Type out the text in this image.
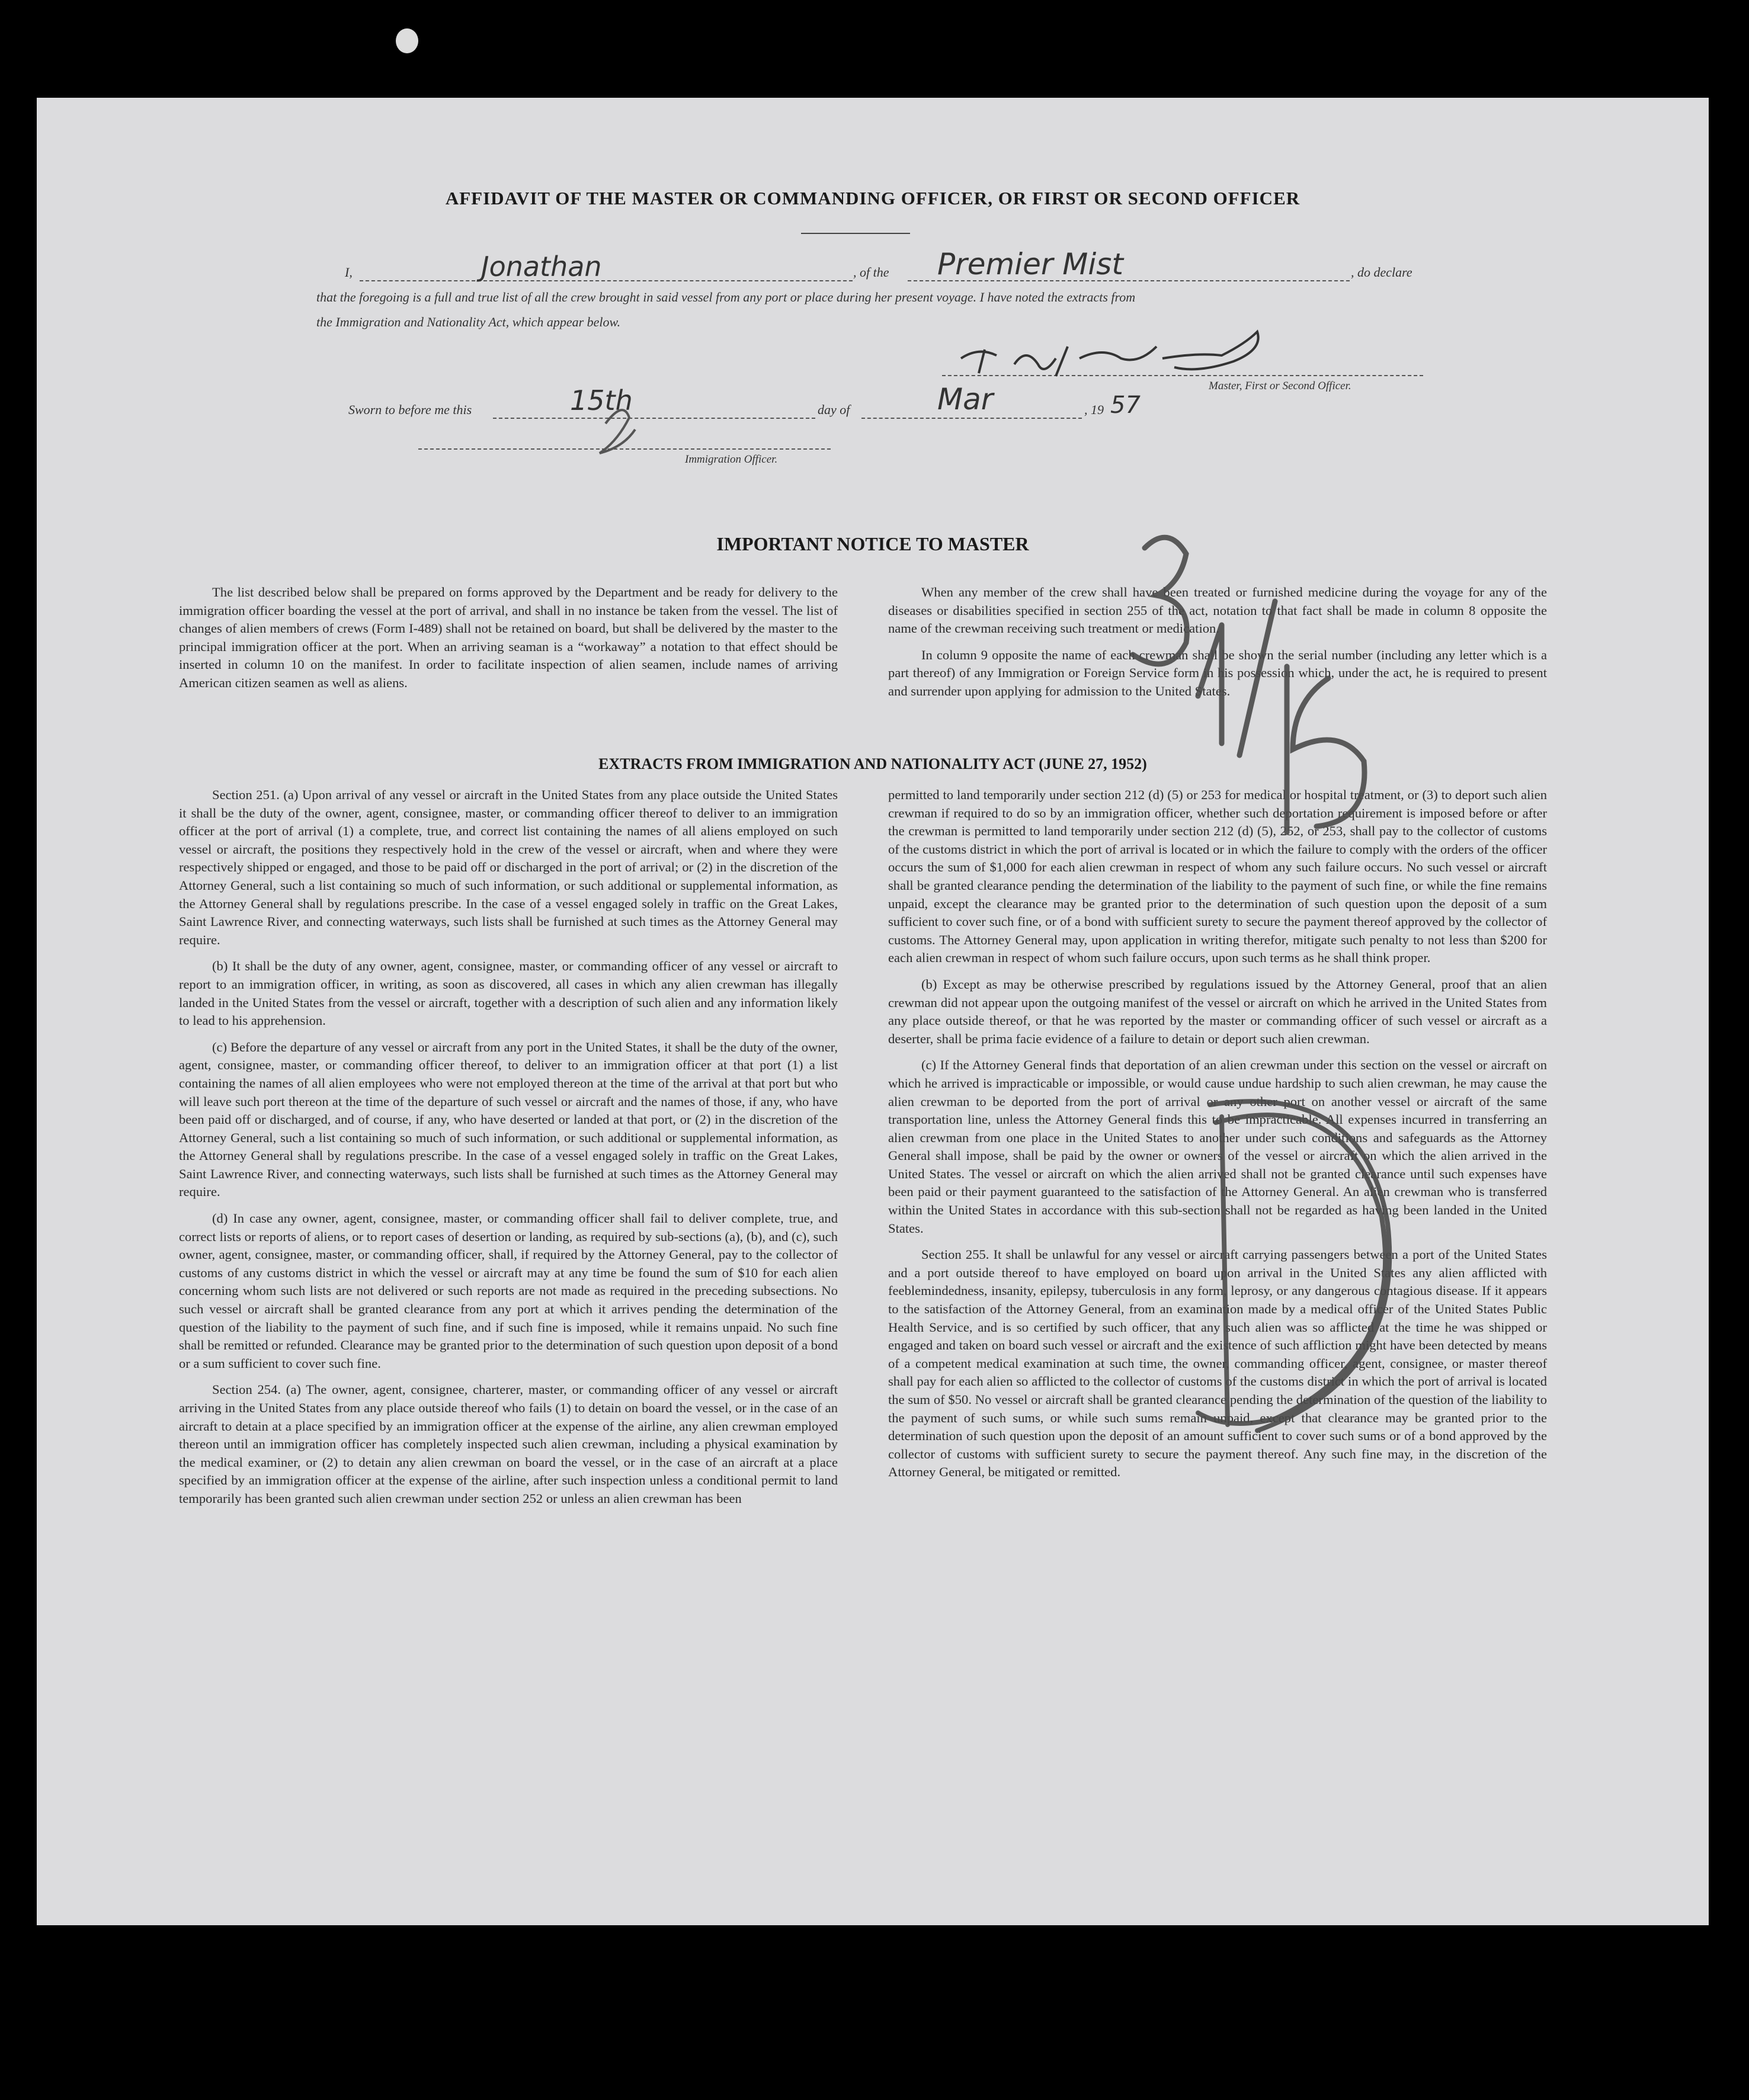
AFFIDAVIT OF THE MASTER OR COMMANDING OFFICER, OR FIRST OR SECOND OFFICER
I,	Jonathan	, of the Premier Mist	, do declare
that the foregoing is a full and true list of all the crew brought in said vessel from any port or place during her present voyage. I have noted the extracts from
the Immigration and Nationality Act, which appear below.
Master, First or Second Officer.
Sworn to before me this	15th	day of	Mar	, 19 57
Immigration Officer.
IMPORTANT NOTICE TO MASTER

The list described below shall be prepared on forms approved by the Department and be ready for delivery to the immigration officer boarding the vessel at the port of arrival, and shall in no instance be taken from the vessel. The list of changes of alien members of crews (Form I-489) shall not be retained on board, but shall be delivered by the master to the principal immigration officer at the port. When an arriving seaman is a “workaway” a notation to that effect should be inserted in column 10 on the manifest. In order to facilitate inspection of alien seamen, include names of arriving American citizen seamen as well as aliens.

When any member of the crew shall have been treated or furnished medicine during the voyage for any of the diseases or disabilities specified in section 255 of the act, notation to that fact shall be made in column 8 opposite the name of the crewman receiving such treatment or medication.

In column 9 opposite the name of each crewman shall be shown the serial number (including any letter which is a part thereof) of any Immigration or Foreign Service form in his possession which, under the act, he is required to present and surrender upon applying for admission to the United States.

EXTRACTS FROM IMMIGRATION AND NATIONALITY ACT (JUNE 27, 1952)

Section 251. (a) Upon arrival of any vessel or aircraft in the United States from any place outside the United States it shall be the duty of the owner, agent, consignee, master, or commanding officer thereof to deliver to an immigration officer at the port of arrival (1) a complete, true, and correct list containing the names of all aliens employed on such vessel or aircraft, the positions they respectively hold in the crew of the vessel or aircraft, when and where they were respectively shipped or engaged, and those to be paid off or discharged in the port of arrival; or (2) in the discretion of the Attorney General, such a list containing so much of such information, or such additional or supplemental information, as the Attorney General shall by regulations prescribe. In the case of a vessel engaged solely in traffic on the Great Lakes, Saint Lawrence River, and connecting waterways, such lists shall be furnished at such times as the Attorney General may require.

(b) It shall be the duty of any owner, agent, consignee, master, or commanding officer of any vessel or aircraft to report to an immigration officer, in writing, as soon as discovered, all cases in which any alien crewman has illegally landed in the United States from the vessel or aircraft, together with a description of such alien and any information likely to lead to his apprehension.

(c) Before the departure of any vessel or aircraft from any port in the United States, it shall be the duty of the owner, agent, consignee, master, or commanding officer thereof, to deliver to an immigration officer at that port (1) a list containing the names of all alien employees who were not employed thereon at the time of the arrival at that port but who will leave such port thereon at the time of the departure of such vessel or aircraft and the names of those, if any, who have been paid off or discharged, and of course, if any, who have deserted or landed at that port, or (2) in the discretion of the Attorney General, such a list containing so much of such information, or such additional or supplemental information, as the Attorney General shall by regulations prescribe. In the case of a vessel engaged solely in traffic on the Great Lakes, Saint Lawrence River, and connecting waterways, such lists shall be furnished at such times as the Attorney General may require.

(d) In case any owner, agent, consignee, master, or commanding officer shall fail to deliver complete, true, and correct lists or reports of aliens, or to report cases of desertion or landing, as required by sub-sections (a), (b), and (c), such owner, agent, consignee, master, or commanding officer, shall, if required by the Attorney General, pay to the collector of customs of any customs district in which the vessel or aircraft may at any time be found the sum of $10 for each alien concerning whom such lists are not delivered or such reports are not made as required in the preceding subsections. No such vessel or aircraft shall be granted clearance from any port at which it arrives pending the determination of the question of the liability to the payment of such fine, and if such fine is imposed, while it remains unpaid. No such fine shall be remitted or refunded. Clearance may be granted prior to the determination of such question upon deposit of a bond or a sum sufficient to cover such fine.

Section 254. (a) The owner, agent, consignee, charterer, master, or commanding officer of any vessel or aircraft arriving in the United States from any place outside thereof who fails (1) to detain on board the vessel, or in the case of an aircraft to detain at a place specified by an immigration officer at the expense of the airline, any alien crewman employed thereon until an immigration officer has completely inspected such alien crewman, including a physical examination by the medical examiner, or (2) to detain any alien crewman on board the vessel, or in the case of an aircraft at a place specified by an immigration officer at the expense of the airline, after such inspection unless a conditional permit to land temporarily has been granted such alien crewman under section 252 or unless an alien crewman has been

permitted to land temporarily under section 212 (d) (5) or 253 for medical or hospital treatment, or (3) to deport such alien crewman if required to do so by an immigration officer, whether such deportation requirement is imposed before or after the crewman is permitted to land temporarily under section 212 (d) (5), 252, or 253, shall pay to the collector of customs of the customs district in which the port of arrival is located or in which the failure to comply with the orders of the officer occurs the sum of $1,000 for each alien crewman in respect of whom any such failure occurs. No such vessel or aircraft shall be granted clearance pending the determination of the liability to the payment of such fine, or while the fine remains unpaid, except the clearance may be granted prior to the determination of such question upon the deposit of a sum sufficient to cover such fine, or of a bond with sufficient surety to secure the payment thereof approved by the collector of customs. The Attorney General may, upon application in writing therefor, mitigate such penalty to not less than $200 for each alien crewman in respect of whom such failure occurs, upon such terms as he shall think proper.

(b) Except as may be otherwise prescribed by regulations issued by the Attorney General, proof that an alien crewman did not appear upon the outgoing manifest of the vessel or aircraft on which he arrived in the United States from any place outside thereof, or that he was reported by the master or commanding officer of such vessel or aircraft as a deserter, shall be prima facie evidence of a failure to detain or deport such alien crewman.

(c) If the Attorney General finds that deportation of an alien crewman under this section on the vessel or aircraft on which he arrived is impracticable or impossible, or would cause undue hardship to such alien crewman, he may cause the alien crewman to be deported from the port of arrival or any other port on another vessel or aircraft of the same transportation line, unless the Attorney General finds this to be impracticable. All expenses incurred in transferring an alien crewman from one place in the United States to another under such conditions and safeguards as the Attorney General shall impose, shall be paid by the owner or owners of the vessel or aircraft on which the alien arrived in the United States. The vessel or aircraft on which the alien arrived shall not be granted clearance until such expenses have been paid or their payment guaranteed to the satisfaction of the Attorney General. An alien crewman who is transferred within the United States in accordance with this sub-section shall not be regarded as having been landed in the United States.

Section 255. It shall be unlawful for any vessel or aircraft carrying passengers between a port of the United States and a port outside thereof to have employed on board upon arrival in the United States any alien afflicted with feeblemindedness, insanity, epilepsy, tuberculosis in any form, leprosy, or any dangerous contagious disease. If it appears to the satisfaction of the Attorney General, from an examination made by a medical officer of the United States Public Health Service, and is so certified by such officer, that any such alien was so afflicted at the time he was shipped or engaged and taken on board such vessel or aircraft and the existence of such affliction might have been detected by means of a competent medical examination at such time, the owner, commanding officer, agent, consignee, or master thereof shall pay for each alien so afflicted to the collector of customs of the customs district in which the port of arrival is located the sum of $50. No vessel or aircraft shall be granted clearance pending the determination of the question of the liability to the payment of such sums, or while such sums remain unpaid, except that clearance may be granted prior to the determination of such question upon the deposit of an amount sufficient to cover such sums or of a bond approved by the collector of customs with sufficient surety to secure the payment thereof. Any such fine may, in the discretion of the Attorney General, be mitigated or remitted.
